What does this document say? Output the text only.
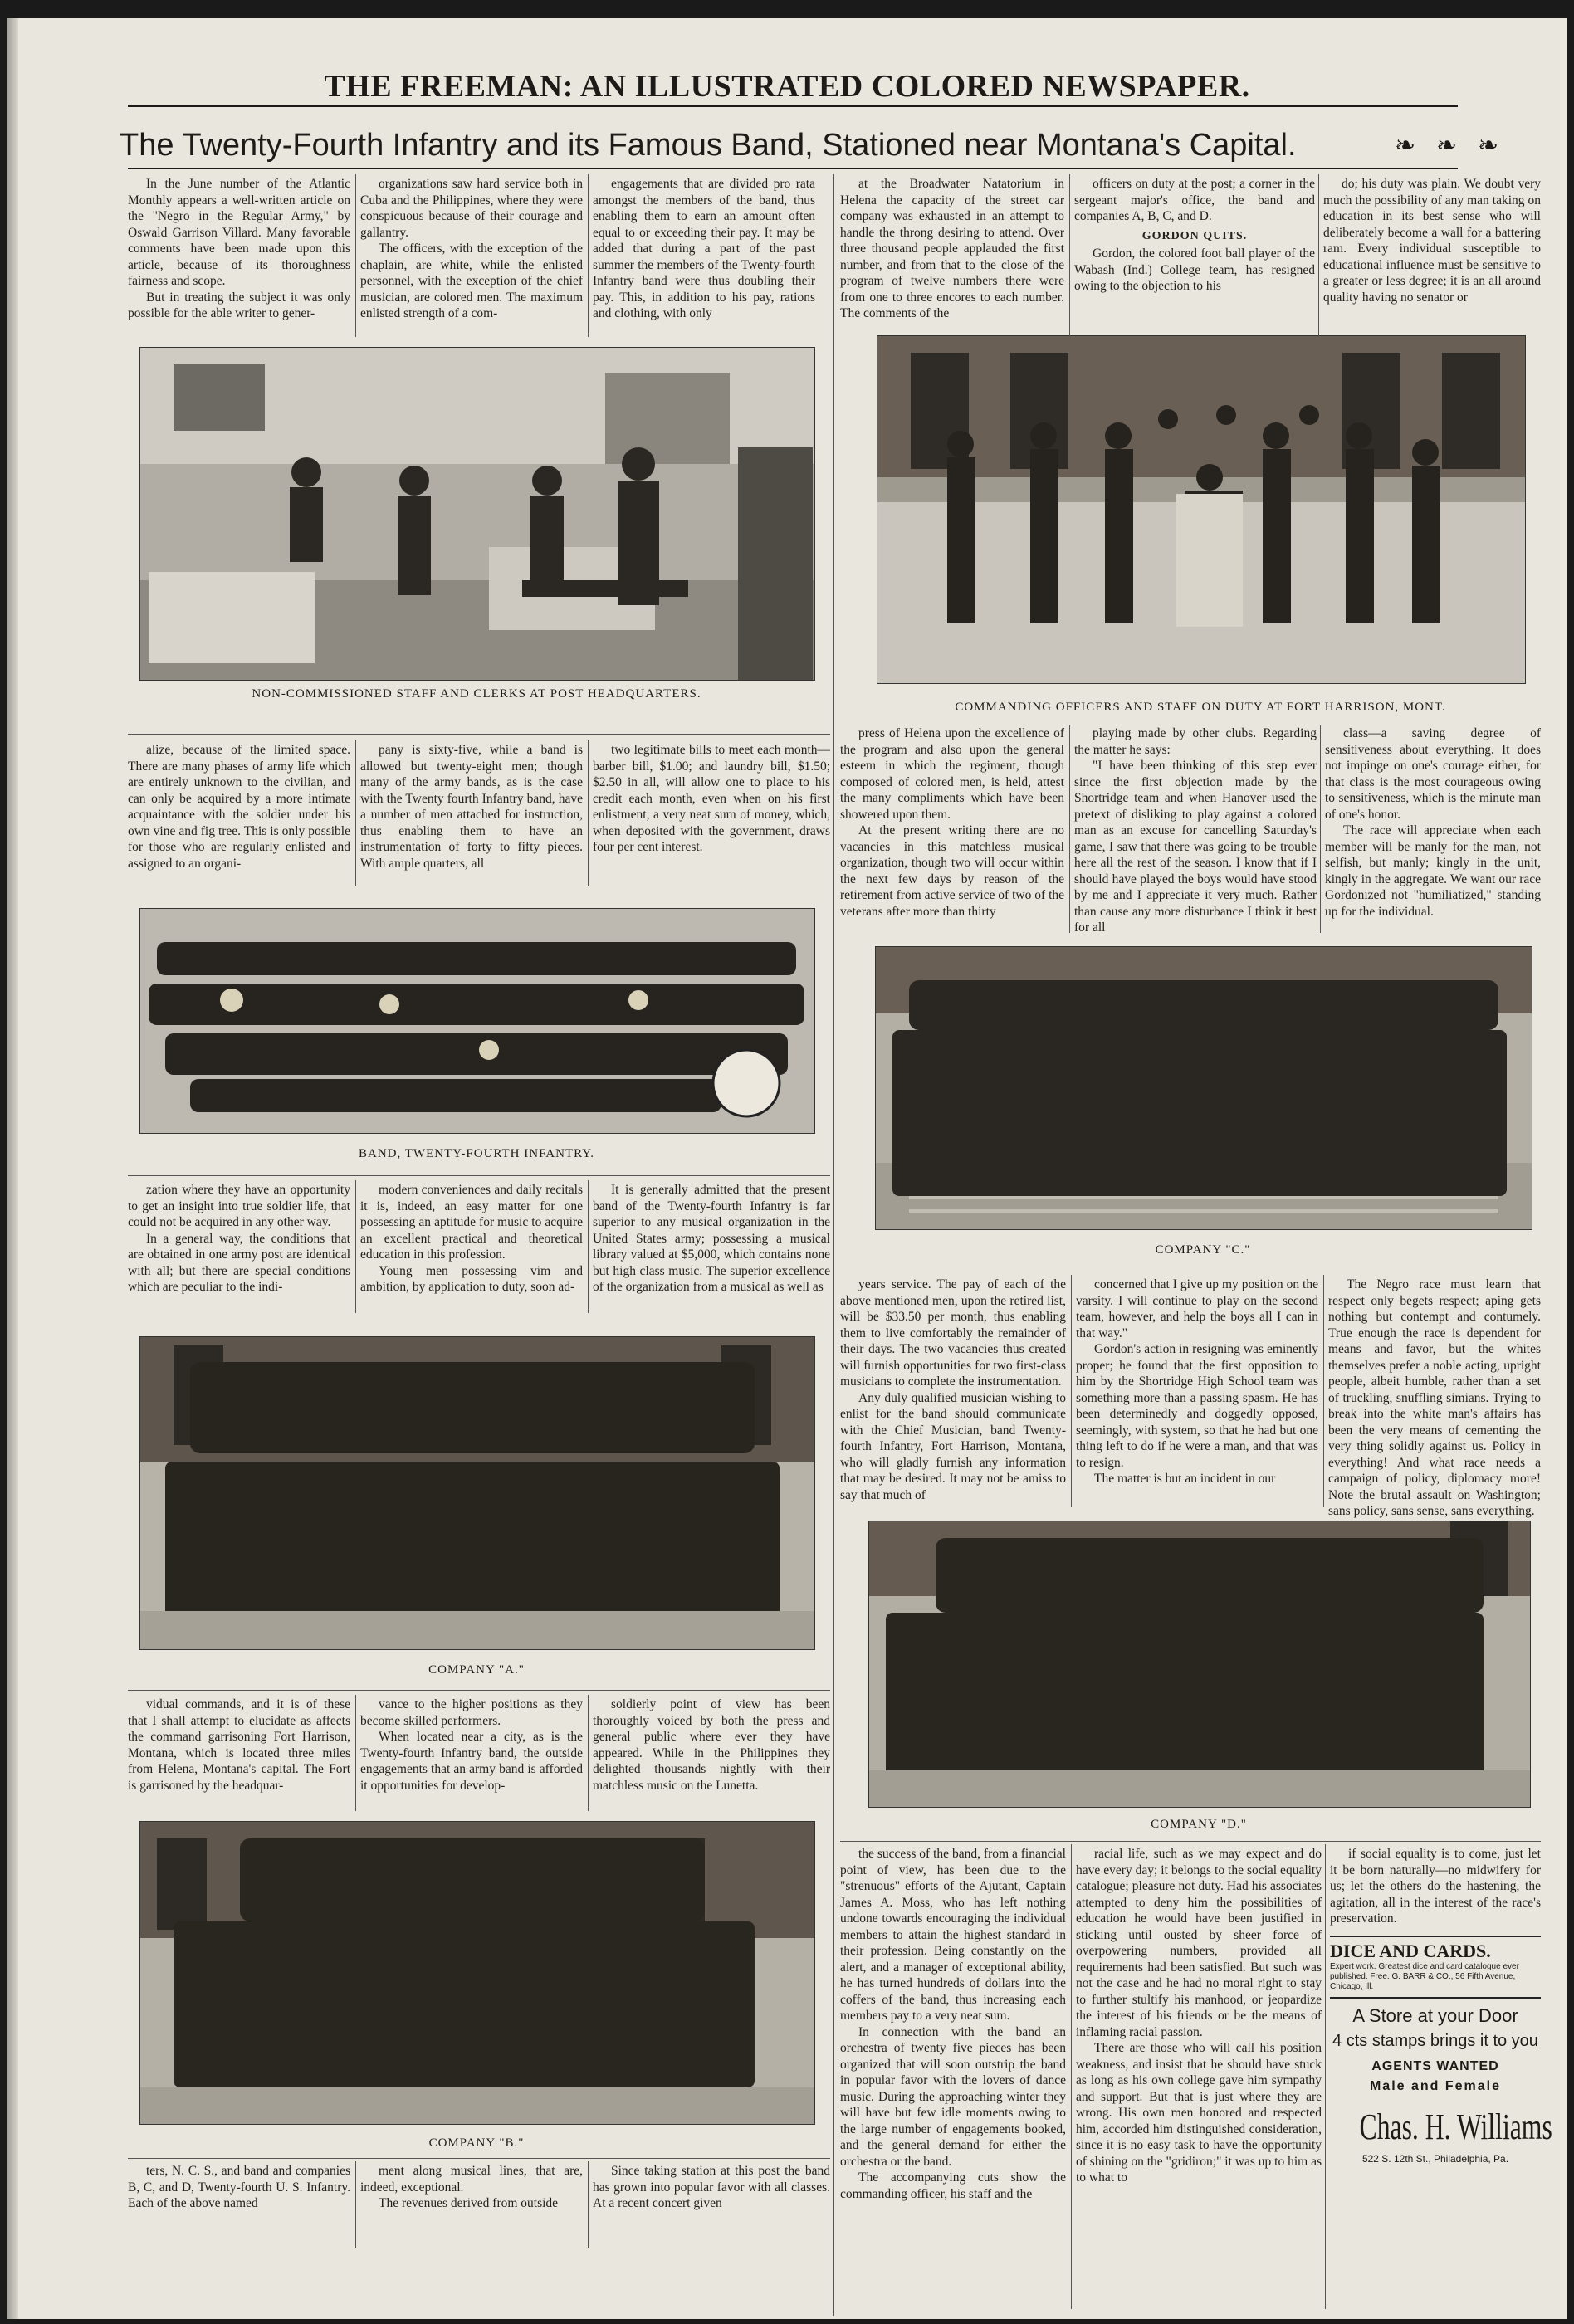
THE FREEMAN: AN ILLUSTRATED COLORED NEWSPAPER.
The Twenty-Fourth Infantry and its Famous Band, Stationed near Montana's Capital.	❧ ❧ ❧

In the June number of the Atlantic Monthly appears a well-written article on the "Negro in the Regular Army," by Oswald Garrison Villard. Many favorable comments have been made upon this article, because of its thoroughness fairness and scope.

But in treating the subject it was only possible for the able writer to gener-

organizations saw hard service both in Cuba and the Philippines, where they were conspicuous because of their courage and gallantry.

The officers, with the exception of the chaplain, are white, while the enlisted personnel, with the exception of the chief musician, are colored men. The maximum enlisted strength of a com-

engagements that are divided pro rata amongst the members of the band, thus enabling them to earn an amount often equal to or exceeding their pay. It may be added that during a part of the past summer the members of the Twenty-fourth Infantry band were thus doubling their pay. This, in addition to his pay, rations and clothing, with only

at the Broadwater Natatorium in Helena the capacity of the street car company was exhausted in an attempt to handle the throng desiring to attend. Over three thousand people applauded the first number, and from that to the close of the program of twelve numbers there were from one to three encores to each number. The comments of the

officers on duty at the post; a corner in the sergeant major's office, the band and companies A, B, C, and D.

GORDON QUITS.

Gordon, the colored foot ball player of the Wabash (Ind.) College team, has resigned owing to the objection to his

do; his duty was plain. We doubt very much the possibility of any man taking on education in its best sense who will deliberately become a wall for a battering ram. Every individual susceptible to educational influence must be sensitive to a greater or less degree; it is an all around quality having no senator or

NON-COMMISSIONED STAFF AND CLERKS AT POST HEADQUARTERS.
COMMANDING OFFICERS AND STAFF ON DUTY AT FORT HARRISON, MONT.

alize, because of the limited space. There are many phases of army life which are entirely unknown to the civilian, and can only be acquired by a more intimate acquaintance with the soldier under his own vine and fig tree. This is only possible for those who are regularly enlisted and assigned to an organi-

pany is sixty-five, while a band is allowed but twenty-eight men; though many of the army bands, as is the case with the Twenty fourth Infantry band, have a number of men attached for instruction, thus enabling them to have an instrumentation of forty to fifty pieces. With ample quarters, all

two legitimate bills to meet each month—barber bill, $1.00; and laundry bill, $1.50; $2.50 in all, will allow one to place to his credit each month, even when on his first enlistment, a very neat sum of money, which, when deposited with the government, draws four per cent interest.

press of Helena upon the excellence of the program and also upon the general esteem in which the regiment, though composed of colored men, is held, attest the many compliments which have been showered upon them.

At the present writing there are no vacancies in this matchless musical organization, though two will occur within the next few days by reason of the retirement from active service of two of the veterans after more than thirty

playing made by other clubs. Regarding the matter he says:

"I have been thinking of this step ever since the first objection made by the Shortridge team and when Hanover used the pretext of disliking to play against a colored man as an excuse for cancelling Saturday's game, I saw that there was going to be trouble here all the rest of the season. I know that if I should have played the boys would have stood by me and I appreciate it very much. Rather than cause any more disturbance I think it best for all

class—a saving degree of sensitiveness about everything. It does not impinge on one's courage either, for that class is the most courageous owing to sensitiveness, which is the minute man of one's honor.

The race will appreciate when each member will be manly for the man, not selfish, but manly; kingly in the unit, kingly in the aggregate. We want our race Gordonized not "humiliatized," standing up for the individual.

BAND, TWENTY-FOURTH INFANTRY.
COMPANY "C."

zation where they have an opportunity to get an insight into true soldier life, that could not be acquired in any other way.

In a general way, the conditions that are obtained in one army post are identical with all; but there are special conditions which are peculiar to the indi-

modern conveniences and daily recitals it is, indeed, an easy matter for one possessing an aptitude for music to acquire an excellent practical and theoretical education in this profession.

Young men possessing vim and ambition, by application to duty, soon ad-

It is generally admitted that the present band of the Twenty-fourth Infantry is far superior to any musical organization in the United States army; possessing a musical library valued at $5,000, which contains none but high class music. The superior excellence of the organization from a musical as well as	years service. The pay of each of the above mentioned men, upon the retired list, will be $33.50 per month, thus enabling them to live comfortably the remainder of their days. The two vacancies thus created will furnish opportunities for two first-class musicians to complete the instrumentation.

Any duly qualified musician wishing to enlist for the band should communicate with the Chief Musician, band Twenty-fourth Infantry, Fort Harrison, Montana, who will gladly furnish any information that may be desired. It may not be amiss to say that much of

concerned that I give up my position on the varsity. I will continue to play on the second team, however, and help the boys all I can in that way."

Gordon's action in resigning was eminently proper; he found that the first opposition to him by the Shortridge High School team was something more than a passing spasm. He has been determinedly and doggedly opposed, seemingly, with system, so that he had but one thing left to do if he were a man, and that was to resign.

The matter is but an incident in our

The Negro race must learn that respect only begets respect; aping gets nothing but contempt and contumely. True enough the race is dependent for means and favor, but the whites themselves prefer a noble acting, upright people, albeit humble, rather than a set of truckling, snuffling simians. Trying to break into the white man's affairs has been the very means of cementing the very thing solidly against us. Policy in everything! And what race needs a campaign of policy, diplomacy more! Note the brutal assault on Washington; sans policy, sans sense, sans everything.

COMPANY "A."
COMPANY "D."

vidual commands, and it is of these that I shall attempt to elucidate as affects the command garrisoning Fort Harrison, Montana, which is located three miles from Helena, Montana's capital. The Fort is garrisoned by the headquar-

vance to the higher positions as they become skilled performers.

When located near a city, as is the Twenty-fourth Infantry band, the outside engagements that an army band is afforded it opportunities for develop-

soldierly point of view has been thoroughly voiced by both the press and general public where ever they have appeared. While in the Philippines they delighted thousands nightly with their matchless music on the Lunetta.

COMPANY "B."

the success of the band, from a financial point of view, has been due to the "strenuous" efforts of the Ajutant, Captain James A. Moss, who has left nothing undone towards encouraging the individual members to attain the highest standard in their profession. Being constantly on the alert, and a manager of exceptional ability, he has turned hundreds of dollars into the coffers of the band, thus increasing each members pay to a very neat sum.

In connection with the band an orchestra of twenty five pieces has been organized that will soon outstrip the band in popular favor with the lovers of dance music. During the approaching winter they will have but few idle moments owing to the large number of engagements booked, and the general demand for either the orchestra or the band.

The accompanying cuts show the commanding officer, his staff and the

racial life, such as we may expect and do have every day; it belongs to the social equality catalogue; pleasure not duty. Had his associates attempted to deny him the possibilities of education he would have been justified in sticking until ousted by sheer force of overpowering numbers, provided all requirements had been satisfied. But such was not the case and he had no moral right to stay to further stultify his manhood, or jeopardize the interest of his friends or be the means of inflaming racial passion.

There are those who will call his position weakness, and insist that he should have stuck as long as his own college gave him sympathy and support. But that is just where they are wrong. His own men honored and respected him, accorded him distinguished consideration, since it is no easy task to have the opportunity of shining on the "gridiron;" it was up to him as to what to

if social equality is to come, just let it be born naturally—no midwifery for us; let the others do the hastening, the agitation, all in the interest of the race's preservation.

DICE AND CARDS.
Expert work. Greatest dice and card catalogue ever published. Free. G. BARR & CO., 56 Fifth Avenue, Chicago, Ill.
A Store at your Door
4 cts stamps brings it to you
AGENTS WANTED
Male and Female
Chas. H. Williams
522 S. 12th St., Philadelphia, Pa.

ters, N. C. S., and band and companies B, C, and D, Twenty-fourth U. S. Infantry. Each of the above named

ment along musical lines, that are, indeed, exceptional.

The revenues derived from outside

Since taking station at this post the band has grown into popular favor with all classes. At a recent concert given
